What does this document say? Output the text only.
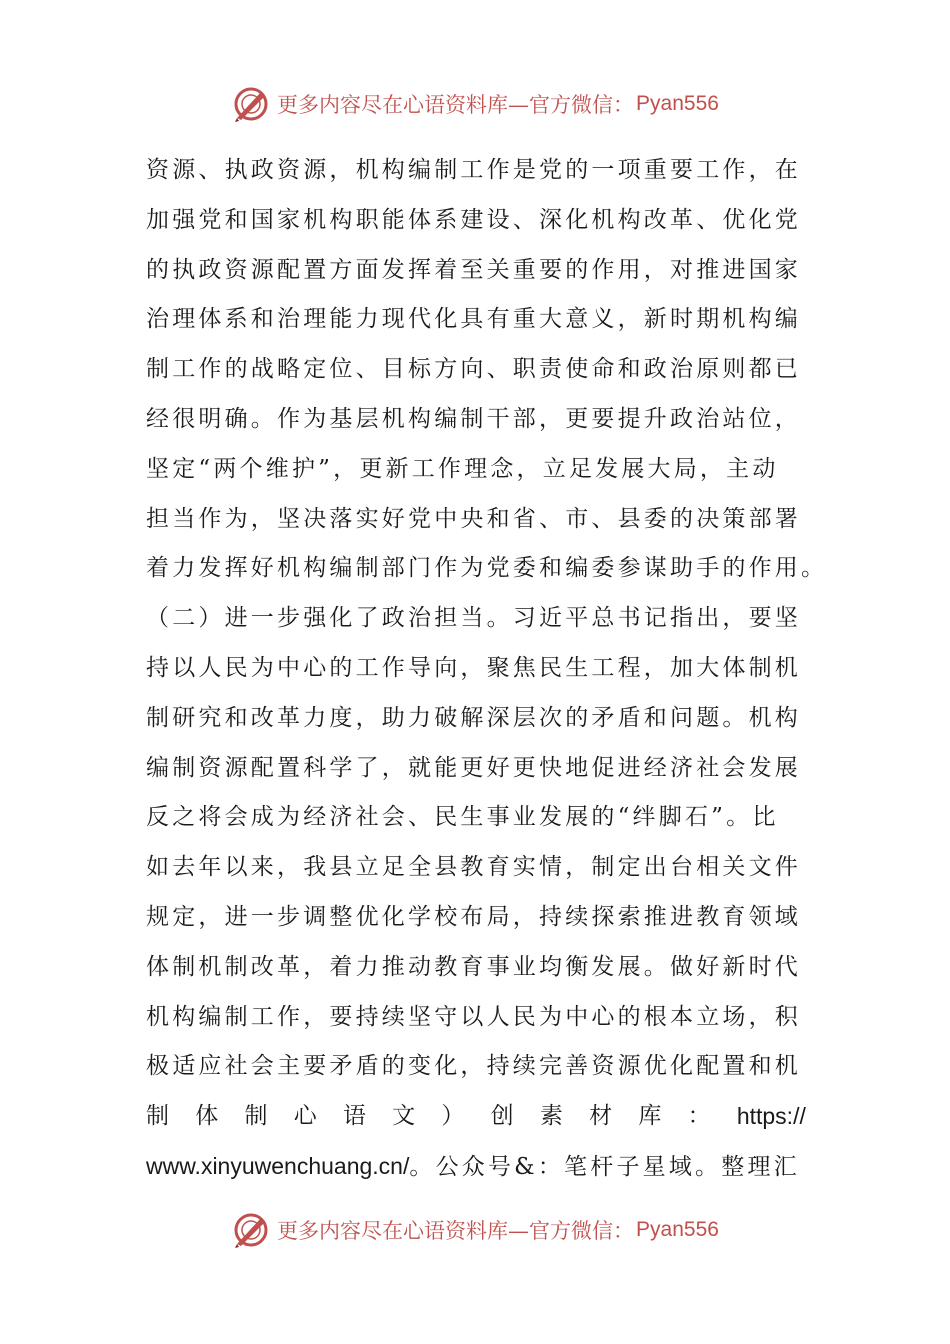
更多内容尽在心语资料库—官方微信： Pyan556
资源、执政资源，机构编制工作是党的一项重要工作，在
加强党和国家机构职能体系建设、深化机构改革、优化党
的执政资源配置方面发挥着至关重要的作用，对推进国家
治理体系和治理能力现代化具有重大意义，新时期机构编
制工作的战略定位、目标方向、职责使命和政治原则都已
经很明确。作为基层机构编制干部，更要提升政治站位，
坚定“两个维护”，更新工作理念，立足发展大局，主动
担当作为，坚决落实好党中央和省、市、县委的决策部署
着力发挥好机构编制部门作为党委和编委参谋助手的作用。
（二）进一步强化了政治担当。习近平总书记指出，要坚
持以人民为中心的工作导向，聚焦民生工程，加大体制机
制研究和改革力度，助力破解深层次的矛盾和问题。机构
编制资源配置科学了，就能更好更快地促进经济社会发展
反之将会成为经济社会、民生事业发展的“绊脚石”。比
如去年以来，我县立足全县教育实情，制定出台相关文件
规定，进一步调整优化学校布局，持续探索推进教育领域
体制机制改革，着力推动教育事业均衡发展。做好新时代
机构编制工作，要持续坚守以人民为中心的根本立场，积
极适应社会主要矛盾的变化，持续完善资源优化配置和机
制 体 制 心 语 文 ） 创 素 材 库 ： https://
www.xinyuwenchuang.cn/。公众号&：笔杆子星域。整理汇
更多内容尽在心语资料库—官方微信： Pyan556
